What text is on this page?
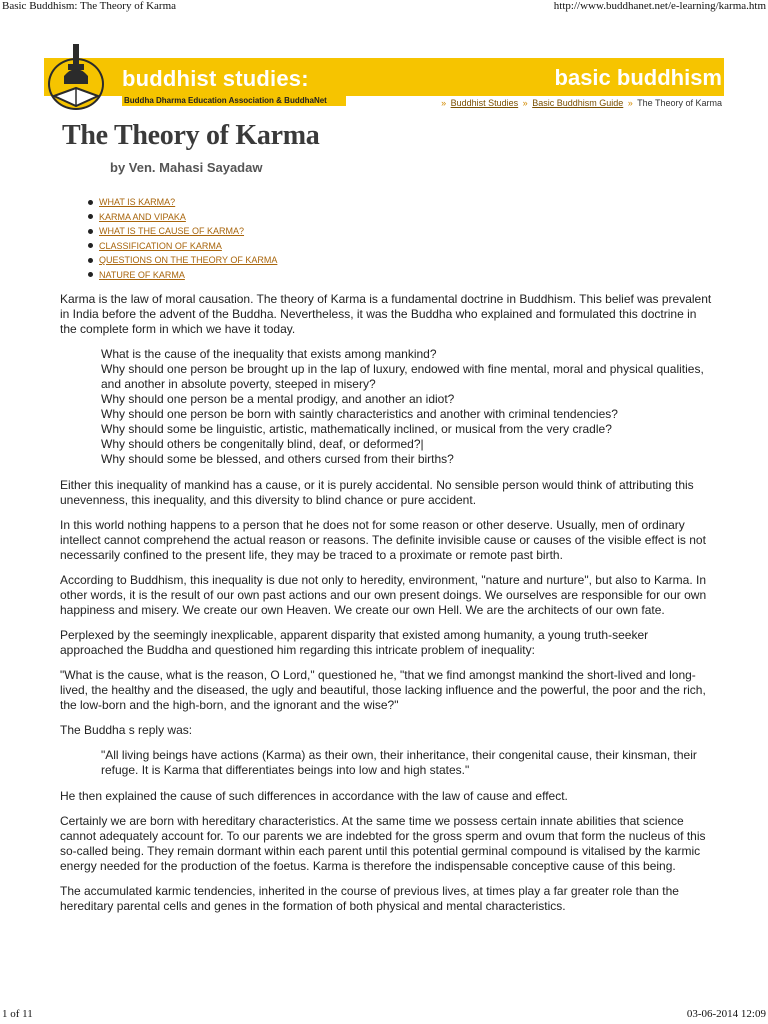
Basic Buddhism: The Theory of Karma	http://www.buddhanet.net/e-learning/karma.htm
buddhist studies:
Buddha Dharma Education Association & BuddhaNet
basic buddhism
» Buddhist Studies » Basic Buddhism Guide » The Theory of Karma
The Theory of Karma
by Ven. Mahasi Sayadaw
WHAT IS KARMA?
KARMA AND VIPAKA
WHAT IS THE CAUSE OF KARMA?
CLASSIFICATION OF KARMA
QUESTIONS ON THE THEORY OF KARMA
NATURE OF KARMA

Karma is the law of moral causation. The theory of Karma is a fundamental doctrine in Buddhism. This belief was prevalent in India before the advent of the Buddha. Nevertheless, it was the Buddha who explained and formulated this doctrine in the complete form in which we have it today.

What is the cause of the inequality that exists among mankind?
Why should one person be brought up in the lap of luxury, endowed with fine mental, moral and physical qualities, and another in absolute poverty, steeped in misery?
Why should one person be a mental prodigy, and another an idiot?
Why should one person be born with saintly characteristics and another with criminal tendencies?
Why should some be linguistic, artistic, mathematically inclined, or musical from the very cradle?
Why should others be congenitally blind, deaf, or deformed?|
Why should some be blessed, and others cursed from their births?

Either this inequality of mankind has a cause, or it is purely accidental. No sensible person would think of attributing this unevenness, this inequality, and this diversity to blind chance or pure accident.

In this world nothing happens to a person that he does not for some reason or other deserve. Usually, men of ordinary intellect cannot comprehend the actual reason or reasons. The definite invisible cause or causes of the visible effect is not necessarily confined to the present life, they may be traced to a proximate or remote past birth.

According to Buddhism, this inequality is due not only to heredity, environment, "nature and nurture", but also to Karma. In other words, it is the result of our own past actions and our own present doings. We ourselves are responsible for our own happiness and misery. We create our own Heaven. We create our own Hell. We are the architects of our own fate.

Perplexed by the seemingly inexplicable, apparent disparity that existed among humanity, a young truth-seeker approached the Buddha and questioned him regarding this intricate problem of inequality:

"What is the cause, what is the reason, O Lord," questioned he, "that we find amongst mankind the short-lived and long-lived, the healthy and the diseased, the ugly and beautiful, those lacking influence and the powerful, the poor and the rich, the low-born and the high-born, and the ignorant and the wise?"

The Buddha s reply was:

"All living beings have actions (Karma) as their own, their inheritance, their congenital cause, their kinsman, their refuge. It is Karma that differentiates beings into low and high states."

He then explained the cause of such differences in accordance with the law of cause and effect.

Certainly we are born with hereditary characteristics. At the same time we possess certain innate abilities that science cannot adequately account for. To our parents we are indebted for the gross sperm and ovum that form the nucleus of this so-called being. They remain dormant within each parent until this potential germinal compound is vitalised by the karmic energy needed for the production of the foetus. Karma is therefore the indispensable conceptive cause of this being.

The accumulated karmic tendencies, inherited in the course of previous lives, at times play a far greater role than the hereditary parental cells and genes in the formation of both physical and mental characteristics.

1 of 11	03-06-2014 12:09
